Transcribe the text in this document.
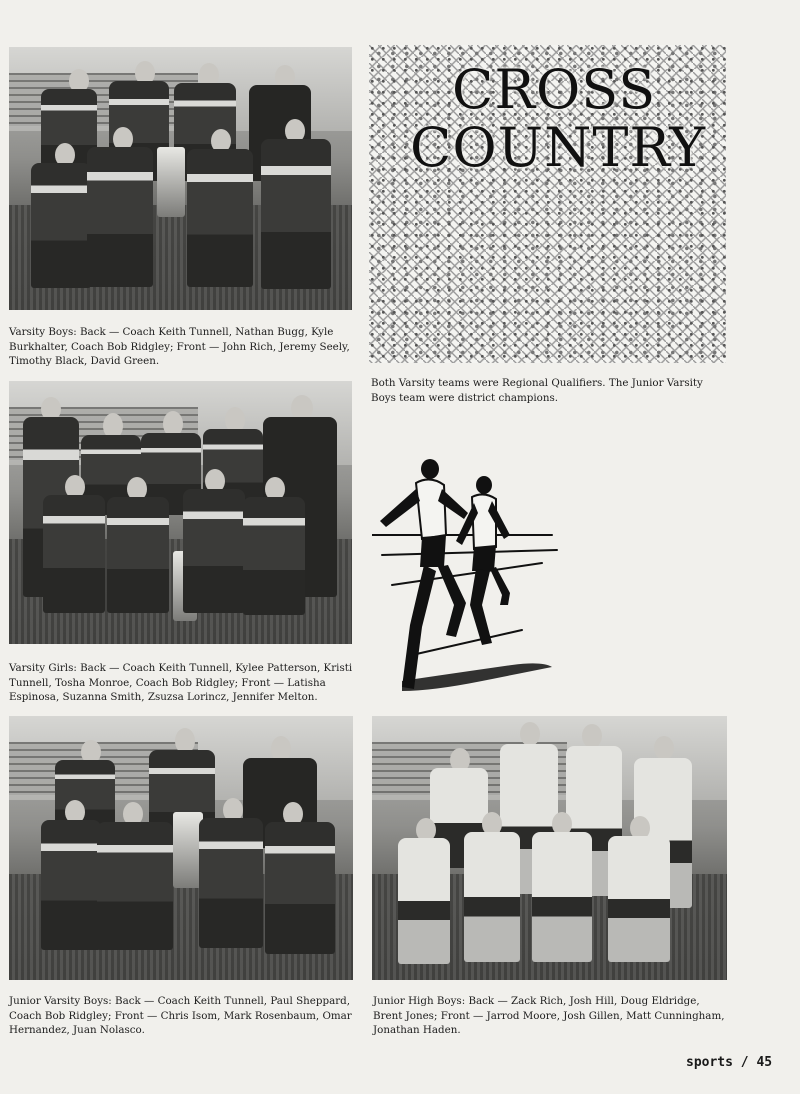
Varsity Boys: Back — Coach Keith Tunnell, Nathan Bugg, Kyle Burkhalter, Coach Bob Ridgley; Front — John Rich, Jeremy Seely, Timothy Black, David Green.
CROSS
COUNTRY
Both Varsity teams were Regional Qualifiers. The Junior Varsity Boys team were district champions.
Varsity Girls: Back — Coach Keith Tunnell, Kylee Patterson, Kristi Tunnell, Tosha Monroe, Coach Bob Ridgley; Front — Latisha Espinosa, Suzanna Smith, Zsuzsa Lorincz, Jennifer Melton.
Junior Varsity Boys: Back — Coach Keith Tunnell, Paul Sheppard, Coach Bob Ridgley; Front — Chris Isom, Mark Rosenbaum, Omar Hernandez, Juan Nolasco.
Junior High Boys: Back — Zack Rich, Josh Hill, Doug Eldridge, Brent Jones; Front — Jarrod Moore, Josh Gillen, Matt Cunningham, Jonathan Haden.
sports / 45
